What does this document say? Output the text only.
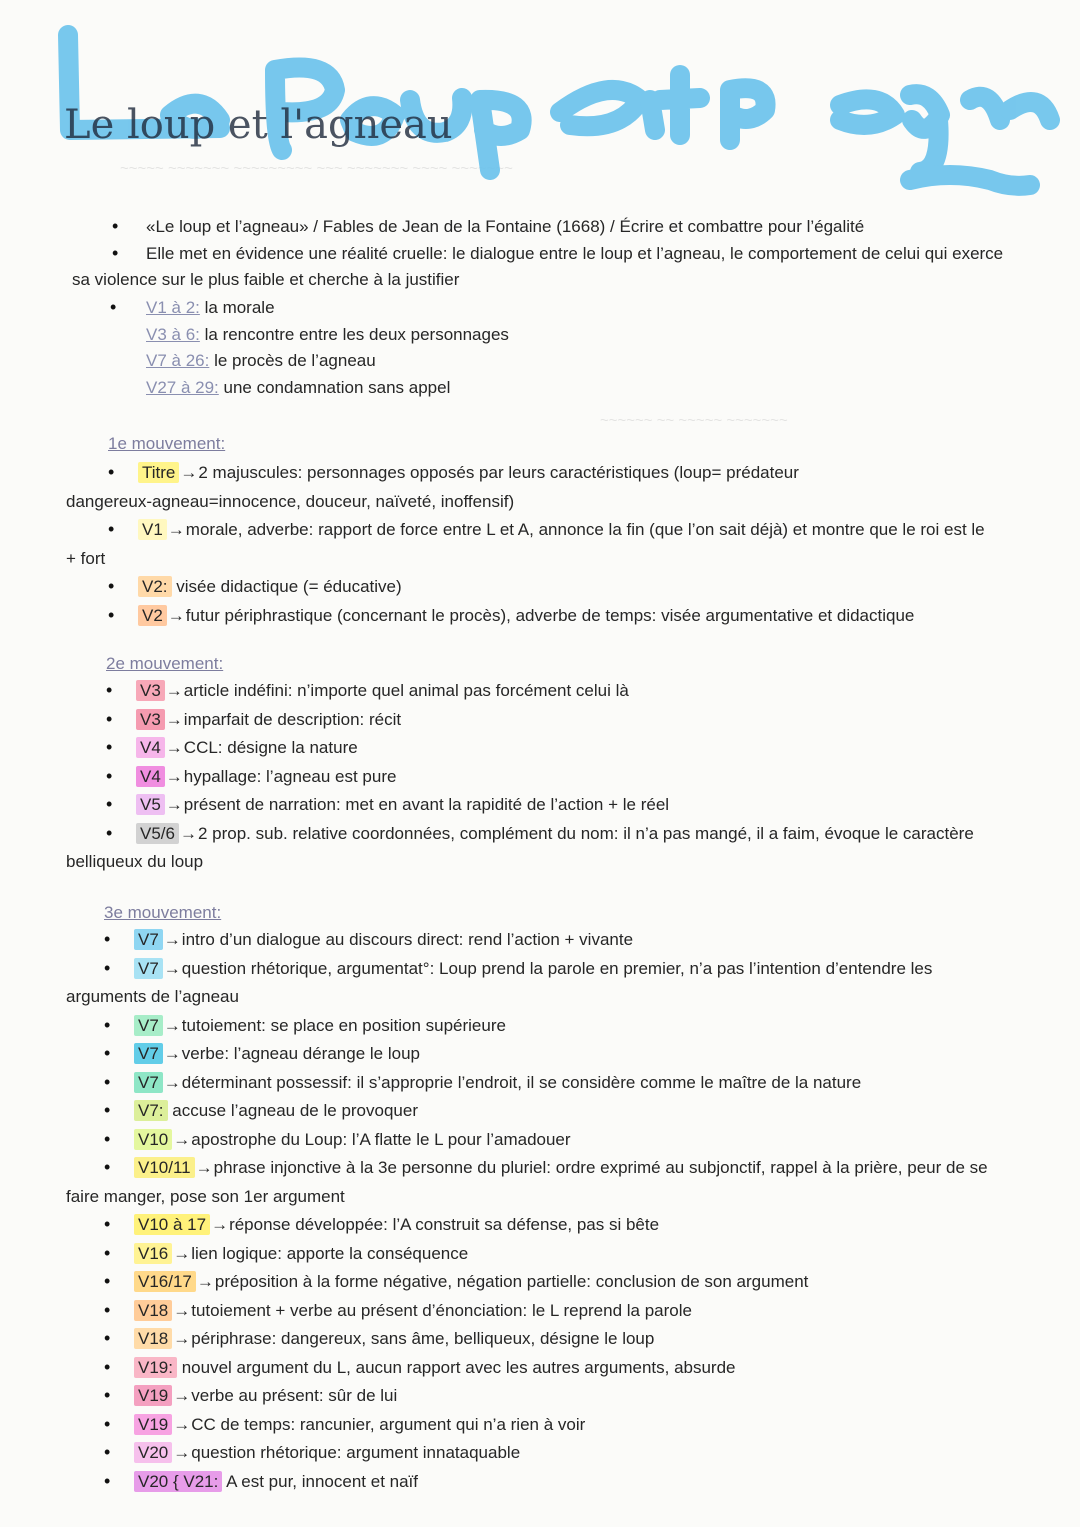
~~~~~ ~~~~~~~ ~~~~~~~~~ ~~~ ~~~~~~~ ~~~~ ~~~~~~~
~~~~~~ ~~ ~~~~~ ~~~~~~~
Le loup et l'agneau
•
«Le loup et l’agneau» / Fables de Jean de la Fontaine (1668) / Écrire et combattre pour l’égalité
•
Elle met en évidence une réalité cruelle: le dialogue entre le loup et l’agneau, le comportement de celui qui exerce
sa violence sur le plus faible et cherche à la justifier
•
V1 à 2: la morale
V3 à 6: la rencontre entre les deux personnages
V7 à 26: le procès de l’agneau
V27 à 29: une condamnation sans appel
1e mouvement:
•
Titre →2 majuscules: personnages opposés par leurs caractéristiques (loup= prédateur
dangereux-agneau=innocence, douceur, naïveté, inoffensif)
•
V1 →morale, adverbe: rapport de force entre L et A, annonce la fin (que l’on sait déjà) et montre que le roi est le
+ fort
•
V2: visée didactique (= éducative)
•
V2 →futur périphrastique (concernant le procès), adverbe de temps: visée argumentative et didactique
2e mouvement:
•
V3 →article indéfini: n’importe quel animal pas forcément celui là
•
V3 →imparfait de description: récit
•
V4 →CCL: désigne la nature
•
V4 →hypallage: l’agneau est pure
•
V5 →présent de narration: met en avant la rapidité de l’action + le réel
•
V5/6 →2 prop. sub. relative coordonnées, complément du nom: il n’a pas mangé, il a faim, évoque le caractère
belliqueux du loup
3e mouvement:
•
V7 →intro d’un dialogue au discours direct: rend l’action + vivante
•
V7 →question rhétorique, argumentat°: Loup prend la parole en premier, n’a pas l’intention d’entendre les
arguments de l’agneau
•
V7 →tutoiement: se place en position supérieure
•
V7 →verbe: l’agneau dérange le loup
•
V7 →déterminant possessif: il s’approprie l’endroit, il se considère comme le maître de la nature
•
V7: accuse l’agneau de le provoquer
•
V10 →apostrophe du Loup: l’A flatte le L pour l’amadouer
•
V10/11 →phrase injonctive à la 3e personne du pluriel: ordre exprimé au subjonctif, rappel à la prière, peur de se
faire manger, pose son 1er argument
•
V10 à 17 →réponse développée: l’A construit sa défense, pas si bête
•
V16 →lien logique: apporte la conséquence
•
V16/17 →préposition à la forme négative, négation partielle: conclusion de son argument
•
V18 →tutoiement + verbe au présent d’énonciation: le L reprend la parole
•
V18 →périphrase: dangereux, sans âme, belliqueux, désigne le loup
•
V19: nouvel argument du L, aucun rapport avec les autres arguments, absurde
•
V19 →verbe au présent: sûr de lui
•
V19 →CC de temps: rancunier, argument qui n’a rien à voir
•
V20 →question rhétorique: argument innataquable
•
V20 { V21: A est pur, innocent et naïf
